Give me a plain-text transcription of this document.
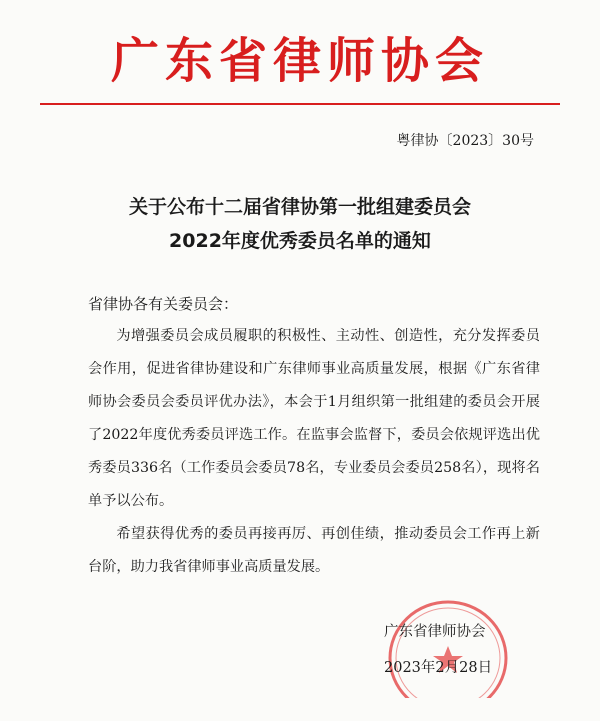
广东省律师协会
粤律协〔2023〕30号
关于公布十二届省律协第一批组建委员会
2022年度优秀委员名单的通知
省律协各有关委员会：

为增强委员会成员履职的积极性、主动性、创造性，充分发挥委员会作用，促进省律协建设和广东律师事业高质量发展，根据《广东省律师协会委员会委员评优办法》，本会于1月组织第一批组建的委员会开展了2022年度优秀委员评选工作。在监事会监督下，委员会依规评选出优秀委员336名（工作委员会委员78名，专业委员会委员258名），现将名单予以公布。

希望获得优秀的委员再接再厉、再创佳绩，推动委员会工作再上新台阶，助力我省律师事业高质量发展。

广东省律师协会
2023年2月28日
